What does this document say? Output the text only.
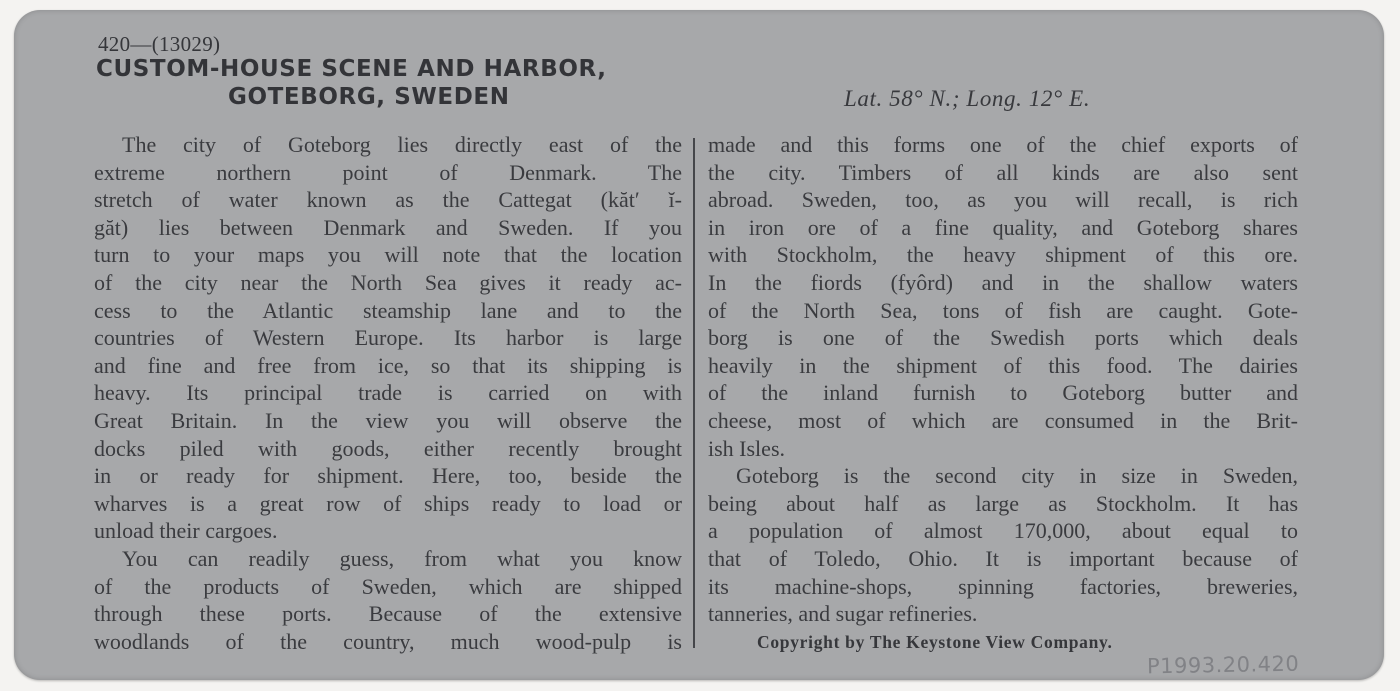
420—(13029)
CUSTOM-HOUSE SCENE AND HARBOR,
GOTEBORG, SWEDEN	Lat. 58° N.; Long. 12° E.
The city of Goteborg lies directly east of the
extreme northern point of Denmark. The
stretch of water known as the Cattegat (kăt′ ĭ-
găt) lies between Denmark and Sweden. If you
turn to your maps you will note that the location
of the city near the North Sea gives it ready ac-
cess to the Atlantic steamship lane and to the
countries of Western Europe. Its harbor is large
and fine and free from ice, so that its shipping is
heavy. Its principal trade is carried on with
Great Britain. In the view you will observe the
docks piled with goods, either recently brought
in or ready for shipment. Here, too, beside the
wharves is a great row of ships ready to load or
unload their cargoes.
You can readily guess, from what you know
of the products of Sweden, which are shipped
through these ports. Because of the extensive
woodlands of the country, much wood-pulp is
made and this forms one of the chief exports of
the city. Timbers of all kinds are also sent
abroad. Sweden, too, as you will recall, is rich
in iron ore of a fine quality, and Goteborg shares
with Stockholm, the heavy shipment of this ore.
In the fiords (fyôrd) and in the shallow waters
of the North Sea, tons of fish are caught. Gote-
borg is one of the Swedish ports which deals
heavily in the shipment of this food. The dairies
of the inland furnish to Goteborg butter and
cheese, most of which are consumed in the Brit-
ish Isles.
Goteborg is the second city in size in Sweden,
being about half as large as Stockholm. It has
a population of almost 170,000, about equal to
that of Toledo, Ohio. It is important because of
its machine-shops, spinning factories, breweries,
tanneries, and sugar refineries.
Copyright by The Keystone View Company.
P1993.20.420
